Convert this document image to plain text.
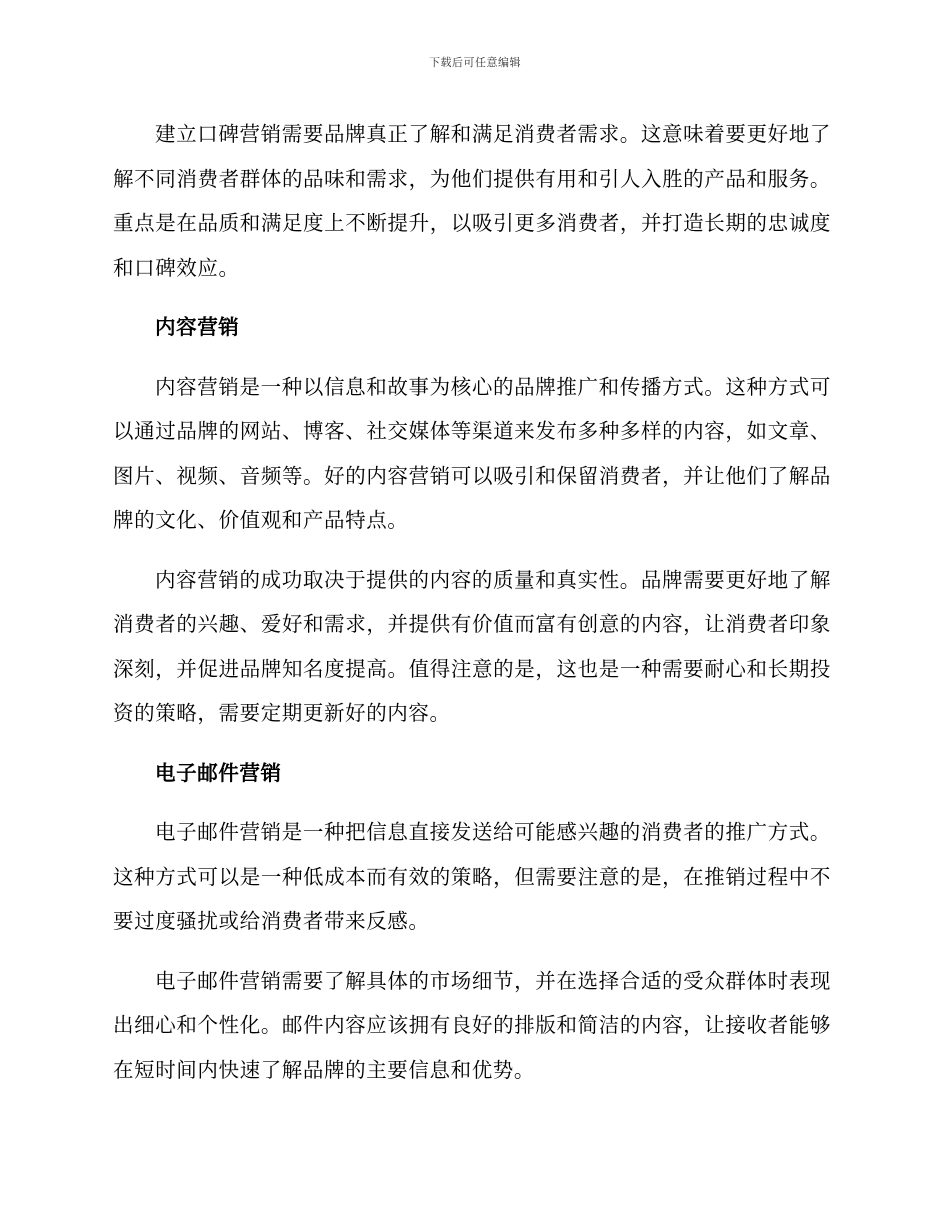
下载后可任意编辑

建立口碑营销需要品牌真正了解和满足消费者需求。这意味着要更好地了解不同消费者群体的品味和需求，为他们提供有用和引人入胜的产品和服务。重点是在品质和满足度上不断提升，以吸引更多消费者，并打造长期的忠诚度和口碑效应。

内容营销

内容营销是一种以信息和故事为核心的品牌推广和传播方式。这种方式可以通过品牌的网站、博客、社交媒体等渠道来发布多种多样的内容，如文章、图片、视频、音频等。好的内容营销可以吸引和保留消费者，并让他们了解品牌的文化、价值观和产品特点。

内容营销的成功取决于提供的内容的质量和真实性。品牌需要更好地了解消费者的兴趣、爱好和需求，并提供有价值而富有创意的内容，让消费者印象深刻，并促进品牌知名度提高。值得注意的是，这也是一种需要耐心和长期投资的策略，需要定期更新好的内容。

电子邮件营销

电子邮件营销是一种把信息直接发送给可能感兴趣的消费者的推广方式。这种方式可以是一种低成本而有效的策略，但需要注意的是，在推销过程中不要过度骚扰或给消费者带来反感。

电子邮件营销需要了解具体的市场细节，并在选择合适的受众群体时表现出细心和个性化。邮件内容应该拥有良好的排版和简洁的内容，让接收者能够在短时间内快速了解品牌的主要信息和优势。
